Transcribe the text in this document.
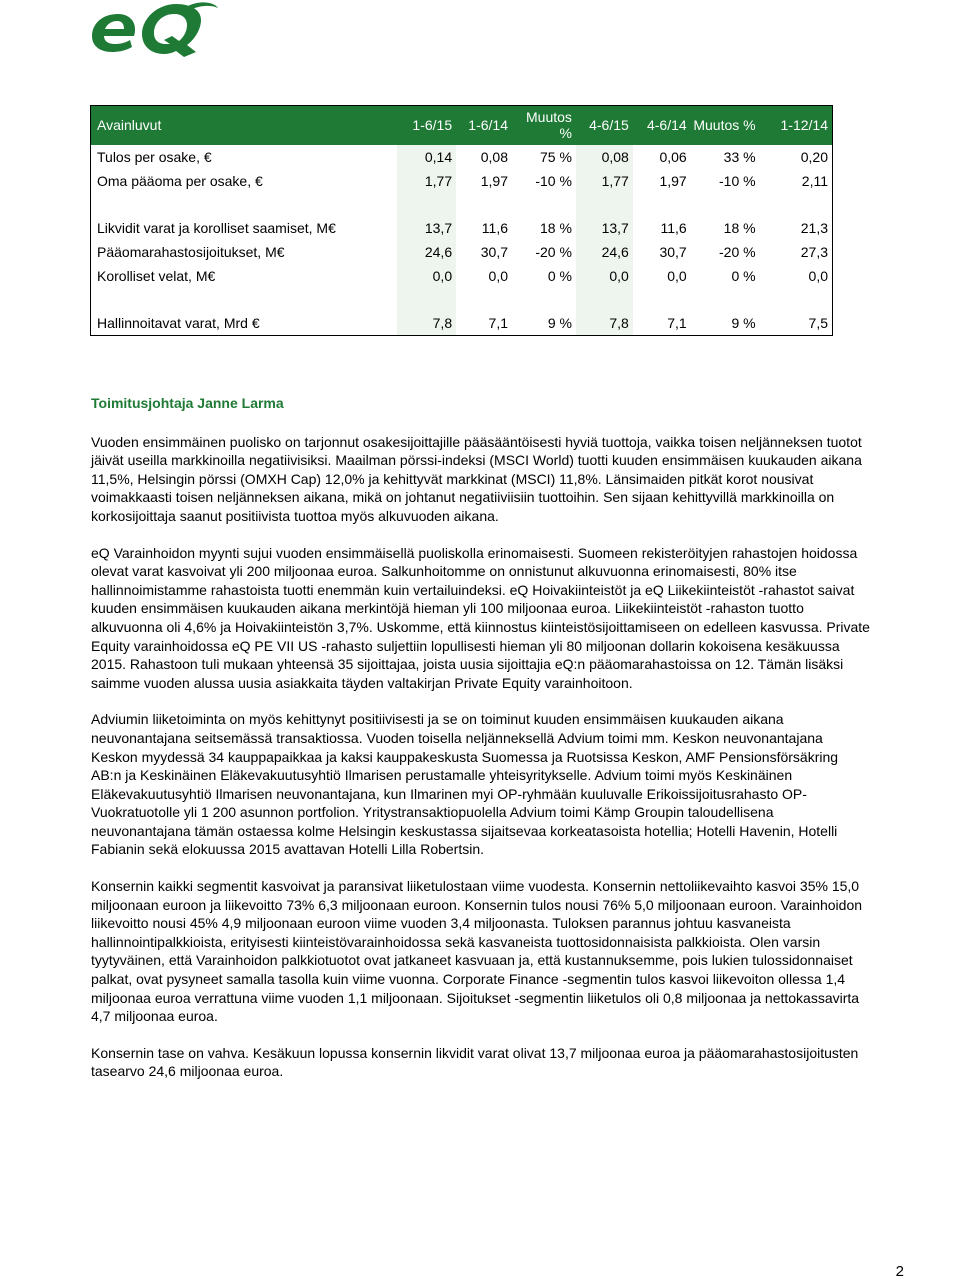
Avainluvut	1-6/15	1-6/14	Muutos %	4-6/15	4-6/14	Muutos %	1-12/14
Tulos per osake, €	0,14	0,08	75 %	0,08	0,06	33 %	0,20
Oma pääoma per osake, €	1,77	1,97	-10 %	1,77	1,97	-10 %	2,11

Likvidit varat ja korolliset saamiset, M€	13,7	11,6	18 %	13,7	11,6	18 %	21,3
Pääomarahastosijoitukset, M€	24,6	30,7	-20 %	24,6	30,7	-20 %	27,3
Korolliset velat, M€	0,0	0,0	0 %	0,0	0,0	0 %	0,0

Hallinnoitavat varat, Mrd €	7,8	7,1	9 %	7,8	7,1	9 %	7,5

Toimitusjohtaja Janne Larma

Vuoden ensimmäinen puolisko on tarjonnut osakesijoittajille pääsääntöisesti hyviä tuottoja, vaikka toisen neljänneksen tuotot jäivät useilla markkinoilla negatiivisiksi. Maailman pörssi-indeksi (MSCI World) tuotti kuuden ensimmäisen kuukauden aikana 11,5%, Helsingin pörssi (OMXH Cap) 12,0% ja kehittyvät markkinat (MSCI) 11,8%. Länsimaiden pitkät korot nousivat voimakkaasti toisen neljänneksen aikana, mikä on johtanut negatiiviisiin tuottoihin. Sen sijaan kehittyvillä markkinoilla on korkosijoittaja saanut positiivista tuottoa myös alkuvuoden aikana.

eQ Varainhoidon myynti sujui vuoden ensimmäisellä puoliskolla erinomaisesti. Suomeen rekisteröityjen rahastojen hoidossa olevat varat kasvoivat yli 200 miljoonaa euroa. Salkunhoitomme on onnistunut alkuvuonna erinomaisesti, 80% itse hallinnoimistamme rahastoista tuotti enemmän kuin vertailuindeksi. eQ Hoivakiinteistöt ja eQ Liikekiinteistöt -rahastot saivat kuuden ensimmäisen kuukauden aikana merkintöjä hieman yli 100 miljoonaa euroa. Liikekiinteistöt -rahaston tuotto alkuvuonna oli 4,6% ja Hoivakiinteistön 3,7%. Uskomme, että kiinnostus kiinteistösijoittamiseen on edelleen kasvussa. Private Equity varainhoidossa eQ PE VII US -rahasto suljettiin lopullisesti hieman yli 80 miljoonan dollarin kokoisena kesäkuussa 2015. Rahastoon tuli mukaan yhteensä 35 sijoittajaa, joista uusia sijoittajia eQ:n pääomarahastoissa on 12. Tämän lisäksi saimme vuoden alussa uusia asiakkaita täyden valtakirjan Private Equity varainhoitoon.

Adviumin liiketoiminta on myös kehittynyt positiivisesti ja se on toiminut kuuden ensimmäisen kuukauden aikana neuvonantajana seitsemässä transaktiossa. Vuoden toisella neljänneksellä Advium toimi mm. Keskon neuvonantajana Keskon myydessä 34 kauppapaikkaa ja kaksi kauppakeskusta Suomessa ja Ruotsissa Keskon, AMF Pensionsförsäkring AB:n ja Keskinäinen Eläkevakuutusyhtiö Ilmarisen perustamalle yhteisyritykselle. Advium toimi myös Keskinäinen Eläkevakuutusyhtiö Ilmarisen neuvonantajana, kun Ilmarinen myi OP-ryhmään kuuluvalle Erikoissijoitusrahasto OP-Vuokratuotolle yli 1 200 asunnon portfolion. Yritystransaktiopuolella Advium toimi Kämp Groupin taloudellisena neuvonantajana tämän ostaessa kolme Helsingin keskustassa sijaitsevaa korkeatasoista hotellia; Hotelli Havenin, Hotelli Fabianin sekä elokuussa 2015 avattavan Hotelli Lilla Robertsin.

Konsernin kaikki segmentit kasvoivat ja paransivat liiketulostaan viime vuodesta. Konsernin nettoliikevaihto kasvoi 35% 15,0 miljoonaan euroon ja liikevoitto 73% 6,3 miljoonaan euroon. Konsernin tulos nousi 76% 5,0 miljoonaan euroon. Varainhoidon liikevoitto nousi 45% 4,9 miljoonaan euroon viime vuoden 3,4 miljoonasta. Tuloksen parannus johtuu kasvaneista hallinnointipalkkioista, erityisesti kiinteistövarainhoidossa sekä kasvaneista tuottosidonnaisista palkkioista. Olen varsin tyytyväinen, että Varainhoidon palkkiotuotot ovat jatkaneet kasvuaan ja, että kustannuksemme, pois lukien tulossidonnaiset palkat, ovat pysyneet samalla tasolla kuin viime vuonna. Corporate Finance -segmentin tulos kasvoi liikevoiton ollessa 1,4 miljoonaa euroa verrattuna viime vuoden 1,1 miljoonaan. Sijoitukset -segmentin liiketulos oli 0,8 miljoonaa ja nettokassavirta 4,7 miljoonaa euroa.

Konsernin tase on vahva. Kesäkuun lopussa konsernin likvidit varat olivat 13,7 miljoonaa euroa ja pääomarahastosijoitusten tasearvo 24,6 miljoonaa euroa.

2
